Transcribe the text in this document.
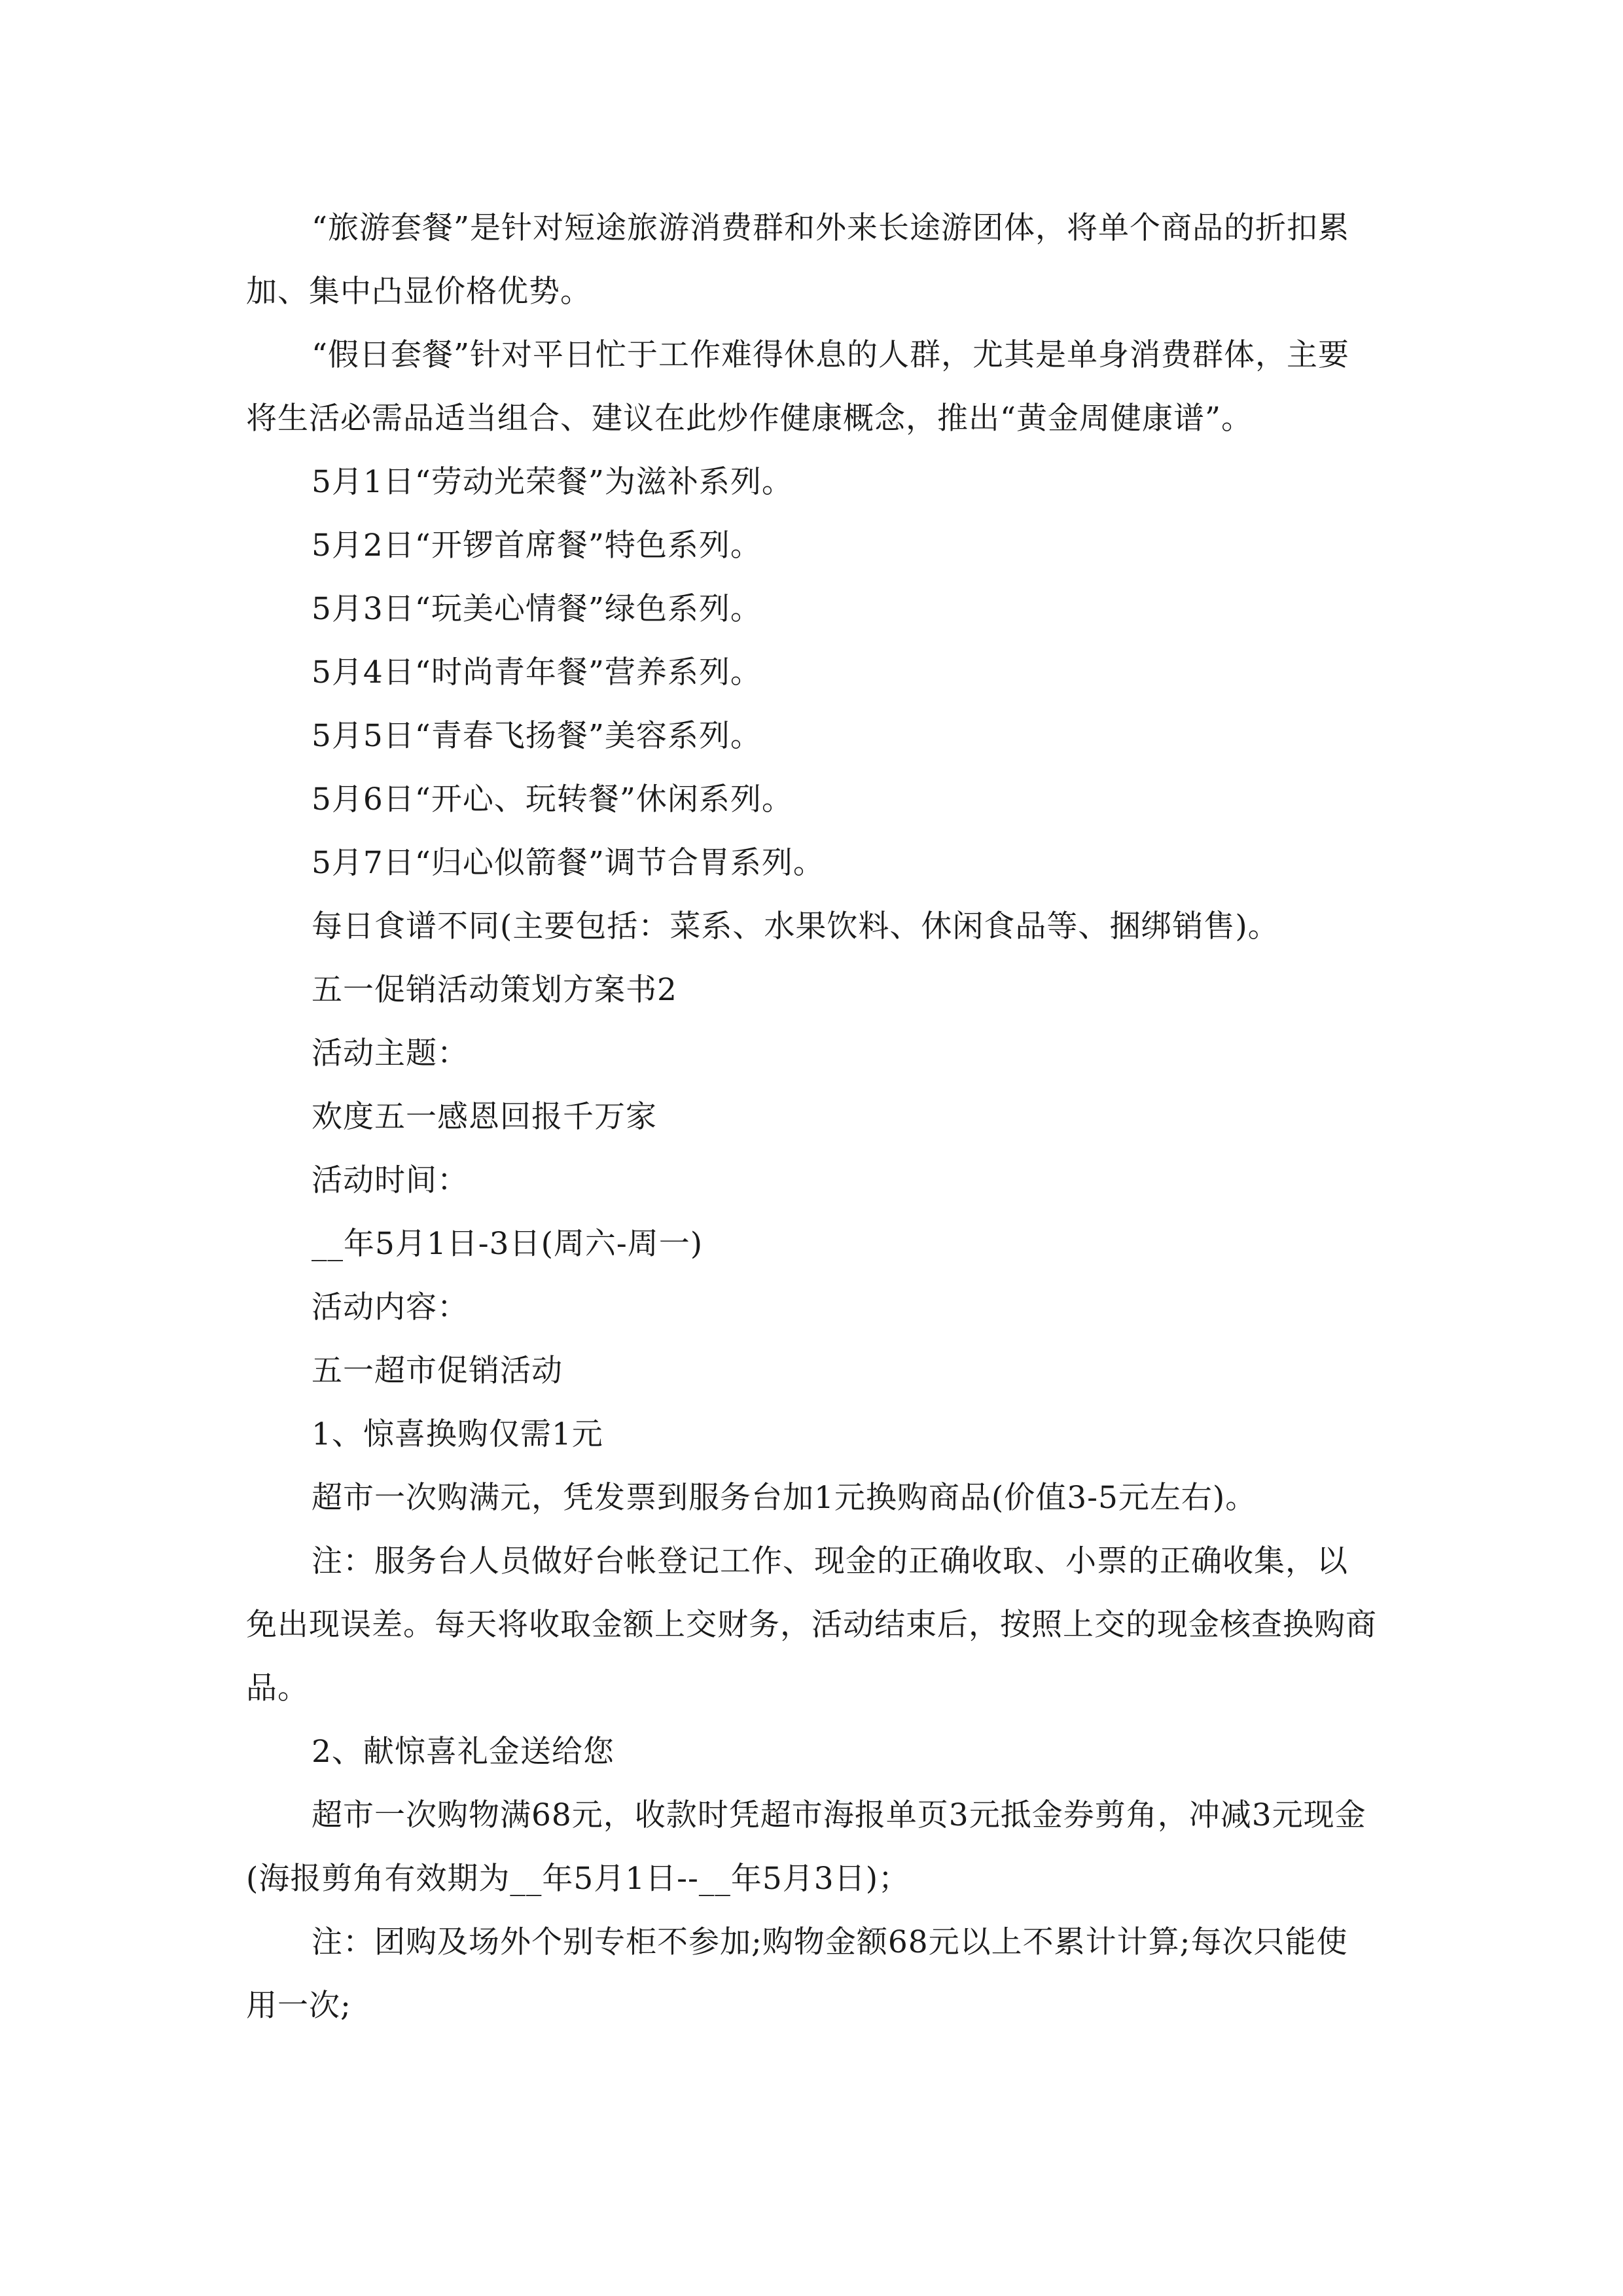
“旅游套餐”是针对短途旅游消费群和外来长途游团体，将单个商品的折扣累加、集中凸显价格优势。

“假日套餐”针对平日忙于工作难得休息的人群，尤其是单身消费群体，主要将生活必需品适当组合、建议在此炒作健康概念，推出“黄金周健康谱”。

5月1日“劳动光荣餐”为滋补系列。

5月2日“开锣首席餐”特色系列。

5月3日“玩美心情餐”绿色系列。

5月4日“时尚青年餐”营养系列。

5月5日“青春飞扬餐”美容系列。

5月6日“开心、玩转餐”休闲系列。

5月7日“归心似箭餐”调节合胃系列。

每日食谱不同(主要包括：菜系、水果饮料、休闲食品等、捆绑销售)。

五一促销活动策划方案书2

活动主题：

欢度五一感恩回报千万家

活动时间：

__年5月1日-3日(周六-周一)

活动内容：

五一超市促销活动

1、惊喜换购仅需1元

超市一次购满元，凭发票到服务台加1元换购商品(价值3-5元左右)。

注：服务台人员做好台帐登记工作、现金的正确收取、小票的正确收集，以免出现误差。每天将收取金额上交财务，活动结束后，按照上交的现金核查换购商品。

2、献惊喜礼金送给您

超市一次购物满68元，收款时凭超市海报单页3元抵金券剪角，冲减3元现金(海报剪角有效期为__年5月1日--__年5月3日)；

注：团购及场外个别专柜不参加;购物金额68元以上不累计计算;每次只能使用一次;
